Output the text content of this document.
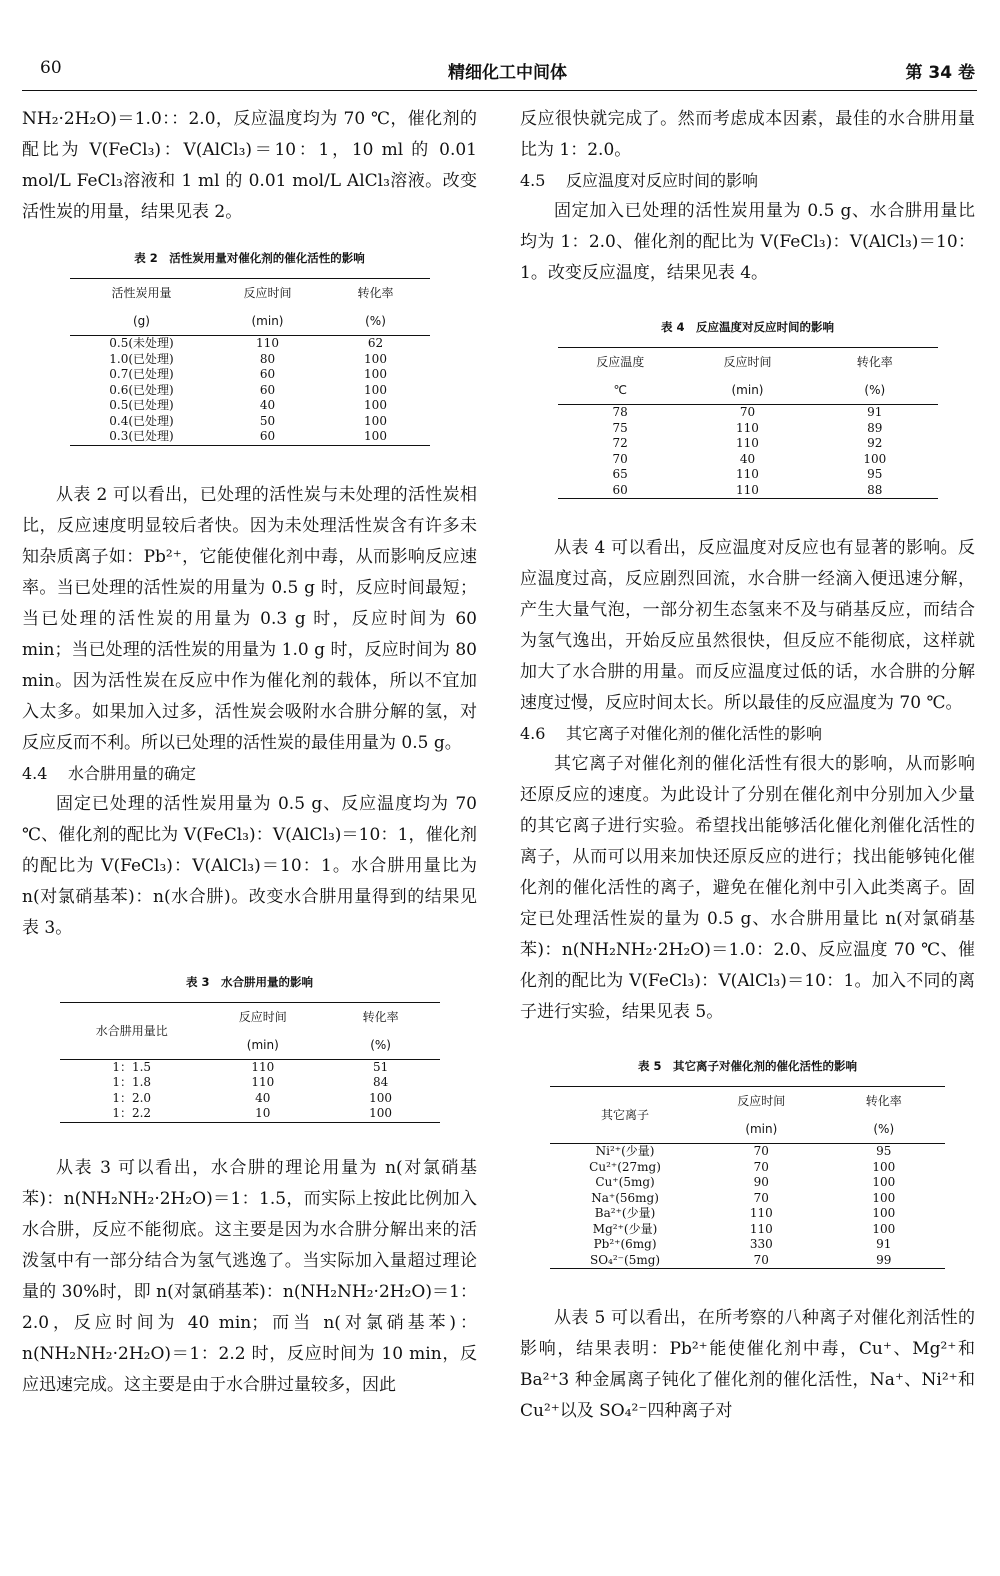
60	精细化工中间体	第 34 卷

NH₂·2H₂O)＝1.0：：2.0，反应温度均为 70 ℃，催化剂的配比为 V(FeCl₃)：V(AlCl₃)＝10：1，10 ml 的 0.01 mol/L FeCl₃溶液和 1 ml 的 0.01 mol/L AlCl₃溶液。改变活性炭的用量，结果见表 2。

表 2　活性炭用量对催化剂的催化活性的影响
活性炭用量	反应时间	转化率
(g)	(min)	(%)
0.5(未处理)	110	62
1.0(已处理)	80	100
0.7(已处理)	60	100
0.6(已处理)	60	100
0.5(已处理)	40	100
0.4(已处理)	50	100
0.3(已处理)	60	100

从表 2 可以看出，已处理的活性炭与未处理的活性炭相比，反应速度明显较后者快。因为未处理活性炭含有许多未知杂质离子如：Pb²⁺，它能使催化剂中毒，从而影响反应速率。当已处理的活性炭的用量为 0.5 g 时，反应时间最短；当已处理的活性炭的用量为 0.3 g 时，反应时间为 60 min；当已处理的活性炭的用量为 1.0 g 时，反应时间为 80 min。因为活性炭在反应中作为催化剂的载体，所以不宜加入太多。如果加入过多，活性炭会吸附水合肼分解的氢，对反应反而不利。所以已处理的活性炭的最佳用量为 0.5 g。

4.4 水合肼用量的确定

固定已处理的活性炭用量为 0.5 g、反应温度均为 70 ℃、催化剂的配比为 V(FeCl₃)：V(AlCl₃)＝10：1，催化剂的配比为 V(FeCl₃)：V(AlCl₃)＝10：1。水合肼用量比为 n(对氯硝基苯)：n(水合肼)。改变水合肼用量得到的结果见表 3。

表 3　水合肼用量的影响
水合肼用量比	反应时间	转化率
	(min)	(%)
1：1.5	110	51
1：1.8	110	84
1：2.0	40	100
1：2.2	10	100

从表 3 可以看出，水合肼的理论用量为 n(对氯硝基苯)：n(NH₂NH₂·2H₂O)＝1：1.5，而实际上按此比例加入水合肼，反应不能彻底。这主要是因为水合肼分解出来的活泼氢中有一部分结合为氢气逃逸了。当实际加入量超过理论量的 30%时，即 n(对氯硝基苯)：n(NH₂NH₂·2H₂O)＝1：2.0，反应时间为 40 min；而当 n(对氯硝基苯)：n(NH₂NH₂·2H₂O)＝1：2.2 时，反应时间为 10 min，反应迅速完成。这主要是由于水合肼过量较多，因此

反应很快就完成了。然而考虑成本因素，最佳的水合肼用量比为 1：2.0。

4.5 反应温度对反应时间的影响

固定加入已处理的活性炭用量为 0.5 g、水合肼用量比均为 1：2.0、催化剂的配比为 V(FeCl₃)：V(AlCl₃)＝10：1。改变反应温度，结果见表 4。

表 4　反应温度对反应时间的影响
反应温度	反应时间	转化率
℃	(min)	(%)
78	70	91
75	110	89
72	110	92
70	40	100
65	110	95
60	110	88

从表 4 可以看出，反应温度对反应也有显著的影响。反应温度过高，反应剧烈回流，水合肼一经滴入便迅速分解，产生大量气泡，一部分初生态氢来不及与硝基反应，而结合为氢气逸出，开始反应虽然很快，但反应不能彻底，这样就加大了水合肼的用量。而反应温度过低的话，水合肼的分解速度过慢，反应时间太长。所以最佳的反应温度为 70 ℃。

4.6 其它离子对催化剂的催化活性的影响

其它离子对催化剂的催化活性有很大的影响，从而影响还原反应的速度。为此设计了分别在催化剂中分别加入少量的其它离子进行实验。希望找出能够活化催化剂催化活性的离子，从而可以用来加快还原反应的进行；找出能够钝化催化剂的催化活性的离子，避免在催化剂中引入此类离子。固定已处理活性炭的量为 0.5 g、水合肼用量比 n(对氯硝基苯)：n(NH₂NH₂·2H₂O)＝1.0：2.0、反应温度 70 ℃、催化剂的配比为 V(FeCl₃)：V(AlCl₃)＝10：1。加入不同的离子进行实验，结果见表 5。

表 5　其它离子对催化剂的催化活性的影响
其它离子	反应时间	转化率
	(min)	(%)
Ni²⁺(少量)	70	95
Cu²⁺(27mg)	70	100
Cu⁺(5mg)	90	100
Na⁺(56mg)	70	100
Ba²⁺(少量)	110	100
Mg²⁺(少量)	110	100
Pb²⁺(6mg)	330	91
SO₄²⁻(5mg)	70	99

从表 5 可以看出，在所考察的八种离子对催化剂活性的影响，结果表明：Pb²⁺能使催化剂中毒，Cu⁺、Mg²⁺和 Ba²⁺3 种金属离子钝化了催化剂的催化活性，Na⁺、Ni²⁺和 Cu²⁺以及 SO₄²⁻四种离子对
